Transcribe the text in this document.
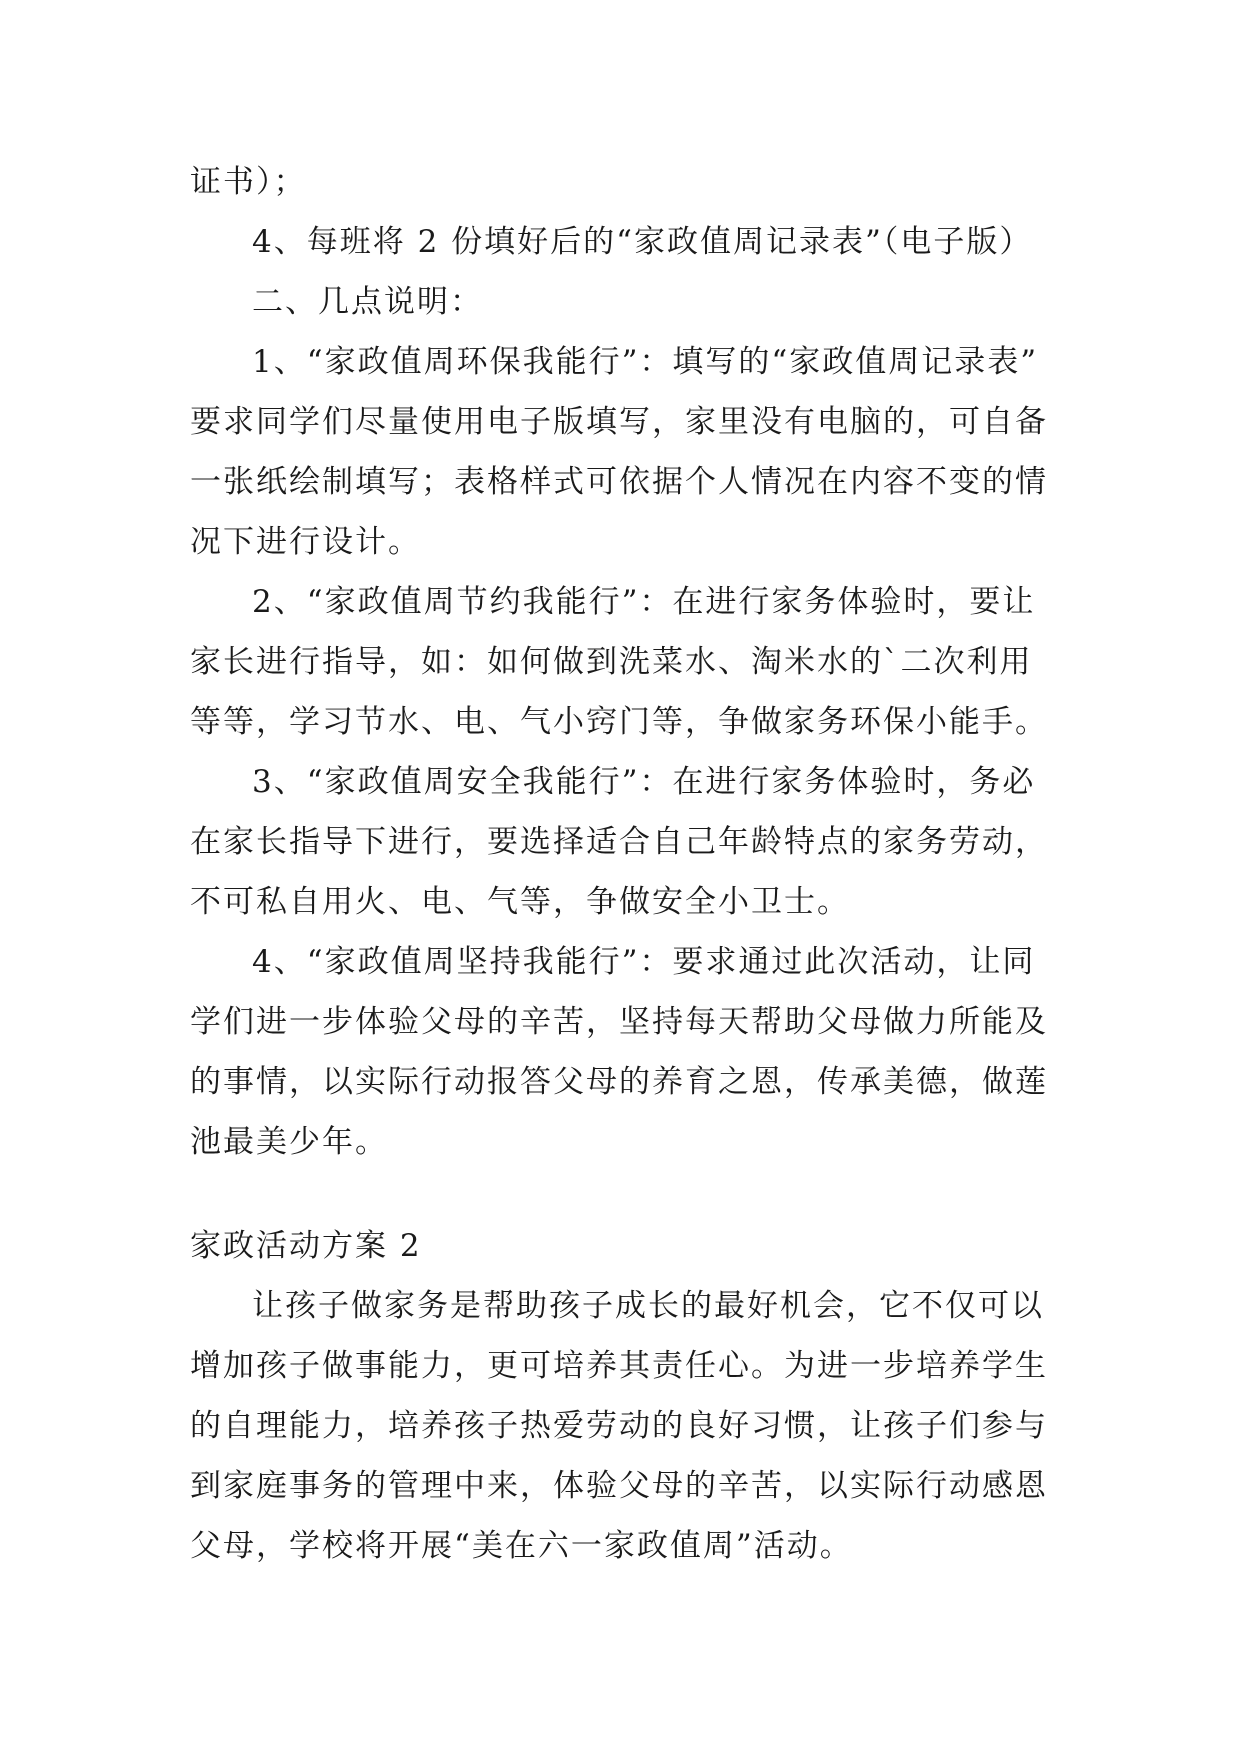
证书）；
4、每班将 2 份填好后的“家政值周记录表”（电子版）
二、几点说明：
1、“家政值周环保我能行”：填写的“家政值周记录表”
要求同学们尽量使用电子版填写，家里没有电脑的，可自备
一张纸绘制填写；表格样式可依据个人情况在内容不变的情
况下进行设计。
2、“家政值周节约我能行”：在进行家务体验时，要让
家长进行指导，如：如何做到洗菜水、淘米水的`二次利用
等等，学习节水、电、气小窍门等，争做家务环保小能手。
3、“家政值周安全我能行”：在进行家务体验时，务必
在家长指导下进行，要选择适合自己年龄特点的家务劳动，
不可私自用火、电、气等，争做安全小卫士。
4、“家政值周坚持我能行”：要求通过此次活动，让同
学们进一步体验父母的辛苦，坚持每天帮助父母做力所能及
的事情，以实际行动报答父母的养育之恩，传承美德，做莲
池最美少年。
家政活动方案 2
让孩子做家务是帮助孩子成长的最好机会，它不仅可以
增加孩子做事能力，更可培养其责任心。为进一步培养学生
的自理能力，培养孩子热爱劳动的良好习惯，让孩子们参与
到家庭事务的管理中来，体验父母的辛苦，以实际行动感恩
父母，学校将开展“美在六一家政值周”活动。
